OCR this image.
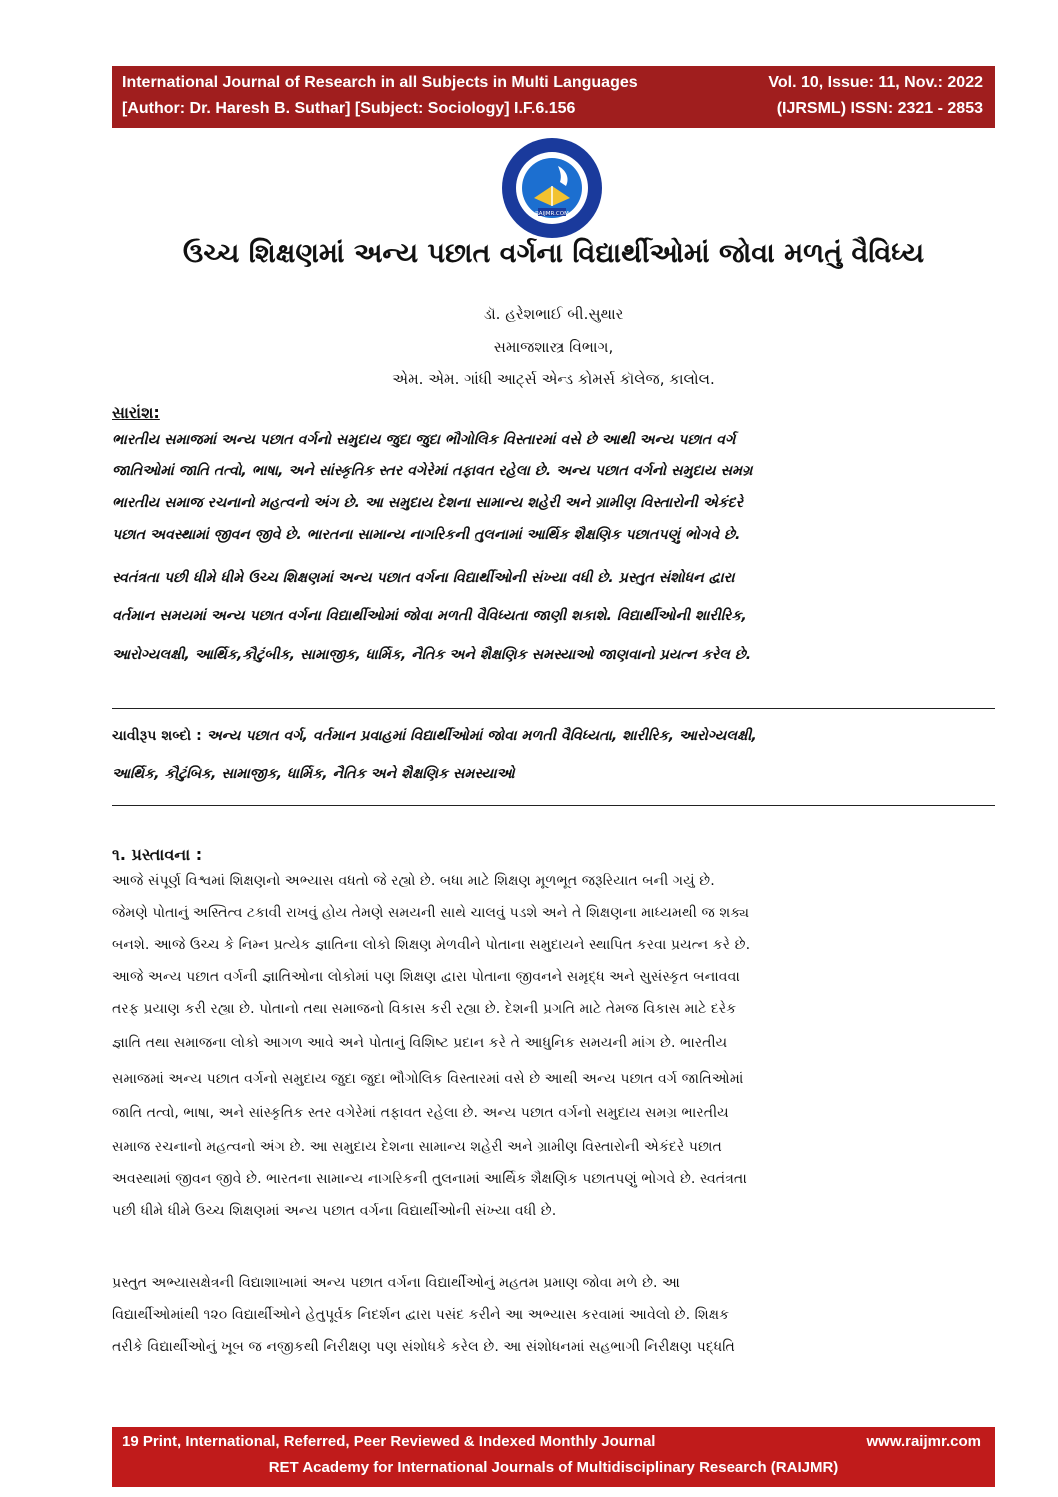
International Journal of Research in all Subjects in Multi Languages
[Author: Dr. Haresh B. Suthar] [Subject: Sociology] I.F.6.156
Vol. 10, Issue: 11, Nov.: 2022
(IJRSML) ISSN: 2321 - 2853
RAIJMR.COM
ઉચ્ચ શિક્ષણમાં અન્ય પછાત વર્ગના વિદ્યાર્થીઓમાં જોવા મળતું વૈવિધ્ય
ડૉ. હરેશભાઈ બી.સુથાર
સમાજશાસ્ત્ર વિભાગ,
એમ. એમ. ગાંધી આર્ટ્સ એન્ડ કોમર્સ કૉલેજ, કાલોલ.
સારાંશ:
ભારતીય સમાજમાં અન્ય પછાત વર્ગનો સમુદાય જુદા જુદા ભૌગોલિક વિસ્તારમાં વસે છે આથી અન્ય પછાત વર્ગ
જાતિઓમાં જાતિ તત્વો, ભાષા, અને સાંસ્કૃતિક સ્તર વગેરેમાં તફાવત રહેલા છે. અન્ય પછાત વર્ગનો સમુદાય સમગ્ર
ભારતીય સમાજ રચનાનો મહત્વનો અંગ છે. આ સમુદાય દેશના સામાન્ય શહેરી અને ગ્રામીણ વિસ્તારોની એકંદરે
પછાત અવસ્થામાં જીવન જીવે છે. ભારતના સામાન્ય નાગરિકની તુલનામાં આર્થિક શૈક્ષણિક પછાતપણું ભોગવે છે.
સ્વતંત્રતા પછી ધીમે ધીમે ઉચ્ચ શિક્ષણમાં અન્ય પછાત વર્ગના વિદ્યાર્થીઓની સંખ્યા વધી છે. પ્રસ્તુત સંશોધન દ્વારા
વર્તમાન સમયમાં અન્ય પછાત વર્ગના વિદ્યાર્થીઓમાં જોવા મળતી વૈવિધ્યતા જાણી શકાશે. વિદ્યાર્થીઓની શારીરિક,
આરોગ્યલક્ષી, આર્થિક,કૌટુંબીક, સામાજીક, ધાર્મિક, નૈતિક અને શૈક્ષણિક સમસ્યાઓ જાણવાનો પ્રયત્ન કરેલ છે.
ચાવીરૂપ શબ્દો : અન્ય પછાત વર્ગ, વર્તમાન પ્રવાહમાં વિદ્યાર્થીઓમાં જોવા મળતી વૈવિધ્યતા, શારીરિક, આરોગ્યલક્ષી,
આર્થિક, કૌટુંબિક, સામાજીક, ધાર્મિક, નૈતિક અને શૈક્ષણિક સમસ્યાઓ
૧. પ્રસ્તાવના :
આજે સંપૂર્ણ વિશ્વમાં શિક્ષણનો અભ્યાસ વધતો જે રહ્યો છે. બધા માટે શિક્ષણ મૂળભૂત જરૂરિયાત બની ગયું છે.
જેમણે પોતાનું અસ્તિત્વ ટકાવી રાખવું હોય તેમણે સમયની સાથે ચાલવું પડશે અને તે શિક્ષણના માધ્યમથી જ શક્ય
બનશે. આજે ઉચ્ચ કે નિમ્ન પ્રત્યેક જ્ઞાતિના લોકો શિક્ષણ મેળવીને પોતાના સમુદાયને સ્થાપિત કરવા પ્રયત્ન કરે છે.
આજે અન્ય પછાત વર્ગની જ્ઞાતિઓના લોકોમાં પણ શિક્ષણ દ્વારા પોતાના જીવનને સમૃદ્ધ અને સુસંસ્કૃત બનાવવા
તરફ પ્રયાણ કરી રહ્યા છે. પોતાનો તથા સમાજનો વિકાસ કરી રહ્યા છે. દેશની પ્રગતિ માટે તેમજ વિકાસ માટે દરેક
જ્ઞાતિ તથા સમાજના લોકો આગળ આવે અને પોતાનું વિશિષ્ટ પ્રદાન કરે તે આધુનિક સમયની માંગ છે. ભારતીય
સમાજમાં અન્ય પછાત વર્ગનો સમુદાય જુદા જુદા ભૌગોલિક વિસ્તારમાં વસે છે આથી અન્ય પછાત વર્ગ જાતિઓમાં
જાતિ તત્વો, ભાષા, અને સાંસ્કૃતિક સ્તર વગેરેમાં તફાવત રહેલા છે. અન્ય પછાત વર્ગનો સમુદાય સમગ્ર ભારતીય
સમાજ રચનાનો મહત્વનો અંગ છે. આ સમુદાય દેશના સામાન્ય શહેરી અને ગ્રામીણ વિસ્તારોની એકંદરે પછાત
અવસ્થામાં જીવન જીવે છે. ભારતના સામાન્ય નાગરિકની તુલનામાં આર્થિક શૈક્ષણિક પછાતપણું ભોગવે છે. સ્વતંત્રતા
પછી ધીમે ધીમે ઉચ્ચ શિક્ષણમાં અન્ય પછાત વર્ગના વિદ્યાર્થીઓની સંખ્યા વધી છે.
પ્રસ્તુત અભ્યાસક્ષેત્રની વિદ્યાશાખામાં અન્ય પછાત વર્ગના વિદ્યાર્થીઓનું મહતમ પ્રમાણ જોવા મળે છે. આ
વિદ્યાર્થીઓમાંથી ૧૨૦ વિદ્યાર્થીઓને હેતુપૂર્વક નિદર્શન દ્વારા પસંદ કરીને આ અભ્યાસ કરવામાં આવેલો છે. શિક્ષક
તરીકે વિદ્યાર્થીઓનું ખૂબ જ નજીકથી નિરીક્ષણ પણ સંશોધકે કરેલ છે. આ સંશોધનમાં સહભાગી નિરીક્ષણ પદ્ધતિ
19 Print, International, Referred, Peer Reviewed & Indexed Monthly Journal	www.raijmr.com
RET Academy for International Journals of Multidisciplinary Research (RAIJMR)
